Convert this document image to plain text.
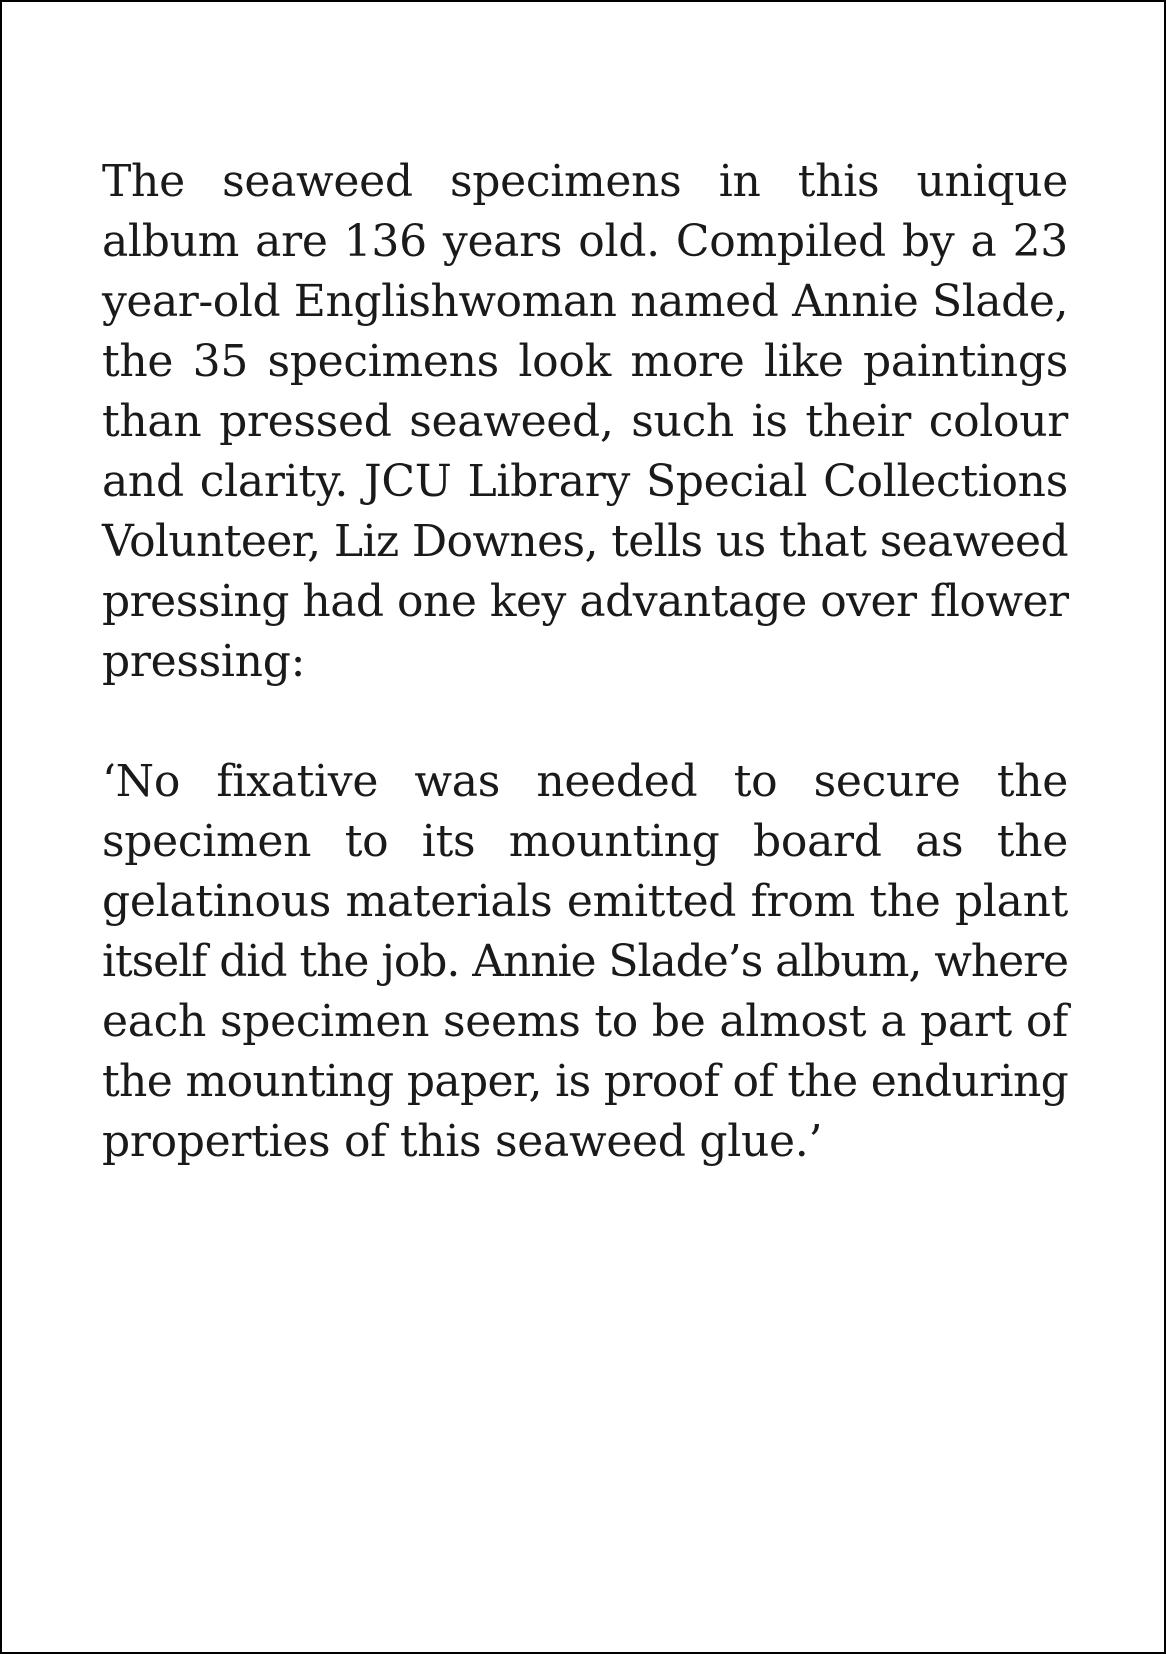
The seaweed specimens in this unique
album are 136 years old. Compiled by a 23
year-old Englishwoman named Annie Slade,
the 35 specimens look more like paintings
than pressed seaweed, such is their colour
and clarity. JCU Library Special Collections
Volunteer, Liz Downes, tells us that seaweed
pressing had one key advantage over flower
pressing:
‘No fixative was needed to secure the
specimen to its mounting board as the
gelatinous materials emitted from the plant
itself did the job. Annie Slade’s album, where
each specimen seems to be almost a part of
the mounting paper, is proof of the enduring
properties of this seaweed glue.’
